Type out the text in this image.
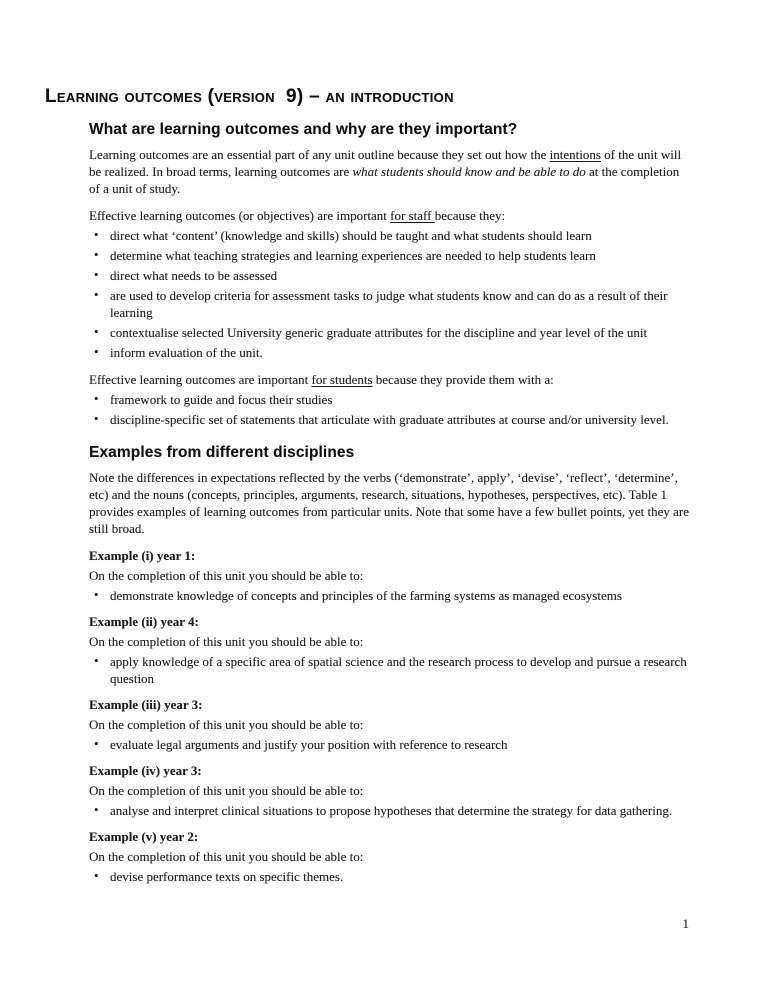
Learning outcomes (version  9) – an introduction
What are learning outcomes and why are they important?

Learning outcomes are an essential part of any unit outline because they set out how the intentions of the unit will be realized. In broad terms, learning outcomes are what students should know and be able to do at the completion of a unit of study.

Effective learning outcomes (or objectives) are important for staff because they:

• direct what ‘content’ (knowledge and skills) should be taught and what students should learn
• determine what teaching strategies and learning experiences are needed to help students learn
• direct what needs to be assessed
• are used to develop criteria for assessment tasks to judge what students know and can do as a result of their learning
• contextualise selected University generic graduate attributes for the discipline and year level of the unit
• inform evaluation of the unit.

Effective learning outcomes are important for students because they provide them with a:

• framework to guide and focus their studies
• discipline-specific set of statements that articulate with graduate attributes at course and/or university level.
Examples from different disciplines

Note the differences in expectations reflected by the verbs (‘demonstrate’, apply’, ‘devise’, ‘reflect’, ‘determine’, etc) and the nouns (concepts, principles, arguments, research, situations, hypotheses, perspectives, etc). Table 1 provides examples of learning outcomes from particular units. Note that some have a few bullet points, yet they are still broad.

Example (i) year 1:

On the completion of this unit you should be able to:

• demonstrate knowledge of concepts and principles of the farming systems as managed ecosystems

Example (ii) year 4:

On the completion of this unit you should be able to:

• apply knowledge of a specific area of spatial science and the research process to develop and pursue a research question

Example (iii) year 3:

On the completion of this unit you should be able to:

• evaluate legal arguments and justify your position with reference to research

Example (iv) year 3:

On the completion of this unit you should be able to:

• analyse and interpret clinical situations to propose hypotheses that determine the strategy for data gathering.

Example (v) year 2:

On the completion of this unit you should be able to:

• devise performance texts on specific themes.
1
